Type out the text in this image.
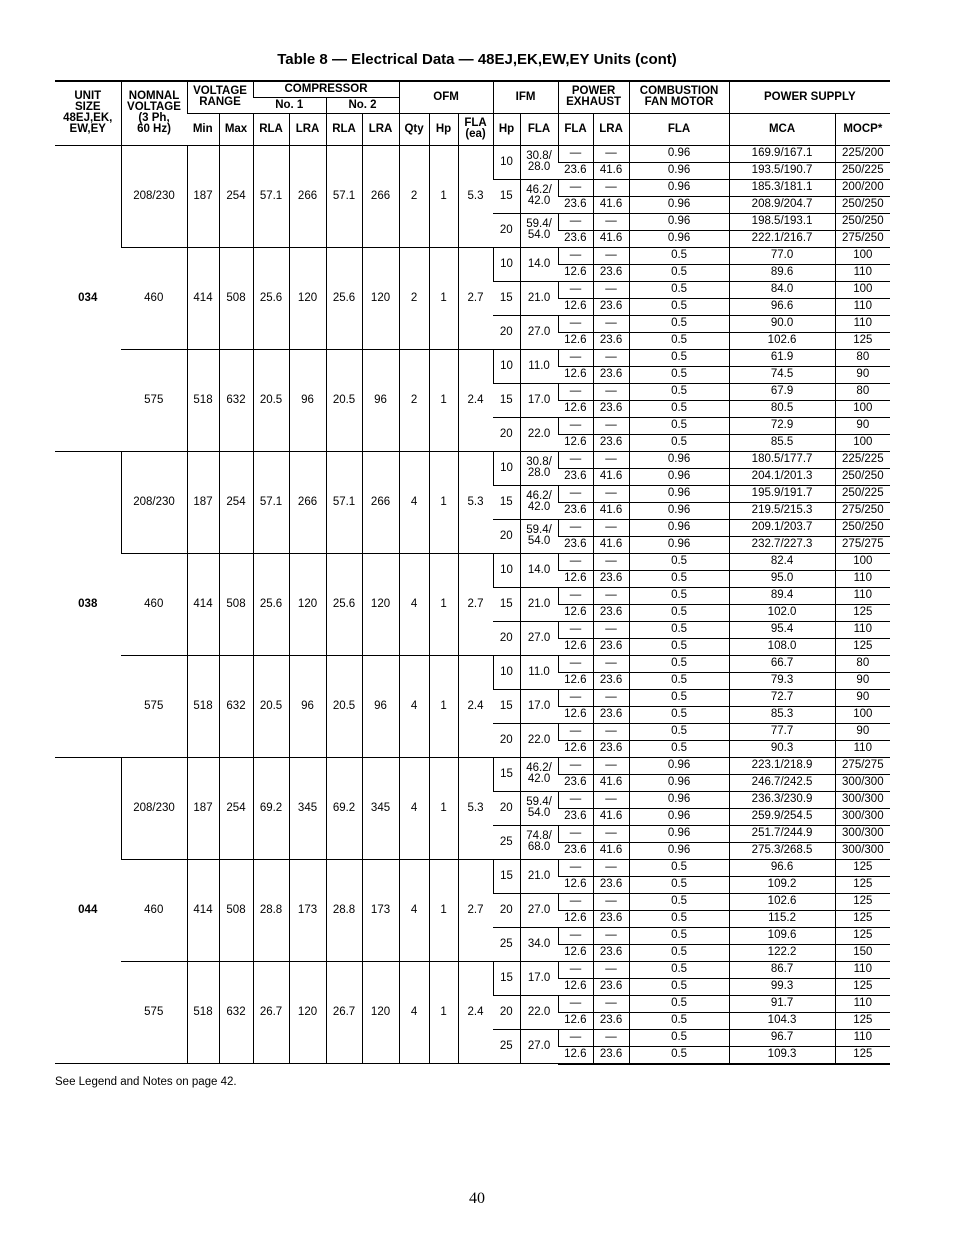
Table 8 — Electrical Data — 48EJ,EK,EW,EY Units (cont)
UNIT
SIZE
48EJ,EK,
EW,EY	NOMNAL
VOLTAGE
(3 Ph,
60 Hz)	VOLTAGE
RANGE		COMPRESSOR				OFM			IFM		POWER
EXHAUST		COMBUSTION
FAN MOTOR	POWER SUPPLY	
				No. 1		No. 2											
		Min	Max	RLA	LRA	RLA	LRA	Qty	Hp	FLA
(ea)	Hp	FLA	FLA	LRA	FLA	MCA	MOCP*
034	208/230	187	254	57.1	266	57.1	266	2	1	5.3	10	30.8/
28.0	—	—	0.96	169.9/167.1	225/200
													23.6	41.6	0.96	193.5/190.7	250/225
											15	46.2/
42.0	—	—	0.96	185.3/181.1	200/200
													23.6	41.6	0.96	208.9/204.7	250/250
											20	59.4/
54.0	—	—	0.96	198.5/193.1	250/250
													23.6	41.6	0.96	222.1/216.7	275/250
	460	414	508	25.6	120	25.6	120	2	1	2.7	10	14.0	—	—	0.5	77.0	100
													12.6	23.6	0.5	89.6	110
											15	21.0	—	—	0.5	84.0	100
													12.6	23.6	0.5	96.6	110
											20	27.0	—	—	0.5	90.0	110
													12.6	23.6	0.5	102.6	125
	575	518	632	20.5	96	20.5	96	2	1	2.4	10	11.0	—	—	0.5	61.9	80
													12.6	23.6	0.5	74.5	90
											15	17.0	—	—	0.5	67.9	80
													12.6	23.6	0.5	80.5	100
											20	22.0	—	—	0.5	72.9	90
													12.6	23.6	0.5	85.5	100
038	208/230	187	254	57.1	266	57.1	266	4	1	5.3	10	30.8/
28.0	—	—	0.96	180.5/177.7	225/225
													23.6	41.6	0.96	204.1/201.3	250/250
											15	46.2/
42.0	—	—	0.96	195.9/191.7	250/225
													23.6	41.6	0.96	219.5/215.3	275/250
											20	59.4/
54.0	—	—	0.96	209.1/203.7	250/250
													23.6	41.6	0.96	232.7/227.3	275/275
	460	414	508	25.6	120	25.6	120	4	1	2.7	10	14.0	—	—	0.5	82.4	100
													12.6	23.6	0.5	95.0	110
											15	21.0	—	—	0.5	89.4	110
													12.6	23.6	0.5	102.0	125
											20	27.0	—	—	0.5	95.4	110
													12.6	23.6	0.5	108.0	125
	575	518	632	20.5	96	20.5	96	4	1	2.4	10	11.0	—	—	0.5	66.7	80
													12.6	23.6	0.5	79.3	90
											15	17.0	—	—	0.5	72.7	90
													12.6	23.6	0.5	85.3	100
											20	22.0	—	—	0.5	77.7	90
													12.6	23.6	0.5	90.3	110
044	208/230	187	254	69.2	345	69.2	345	4	1	5.3	15	46.2/
42.0	—	—	0.96	223.1/218.9	275/275
													23.6	41.6	0.96	246.7/242.5	300/300
											20	59.4/
54.0	—	—	0.96	236.3/230.9	300/300
													23.6	41.6	0.96	259.9/254.5	300/300
											25	74.8/
68.0	—	—	0.96	251.7/244.9	300/300
													23.6	41.6	0.96	275.3/268.5	300/300
	460	414	508	28.8	173	28.8	173	4	1	2.7	15	21.0	—	—	0.5	96.6	125
													12.6	23.6	0.5	109.2	125
											20	27.0	—	—	0.5	102.6	125
													12.6	23.6	0.5	115.2	125
											25	34.0	—	—	0.5	109.6	125
													12.6	23.6	0.5	122.2	150
	575	518	632	26.7	120	26.7	120	4	1	2.4	15	17.0	—	—	0.5	86.7	110
													12.6	23.6	0.5	99.3	125
											20	22.0	—	—	0.5	91.7	110
													12.6	23.6	0.5	104.3	125
											25	27.0	—	—	0.5	96.7	110
													12.6	23.6	0.5	109.3	125
See Legend and Notes on page 42.
40
